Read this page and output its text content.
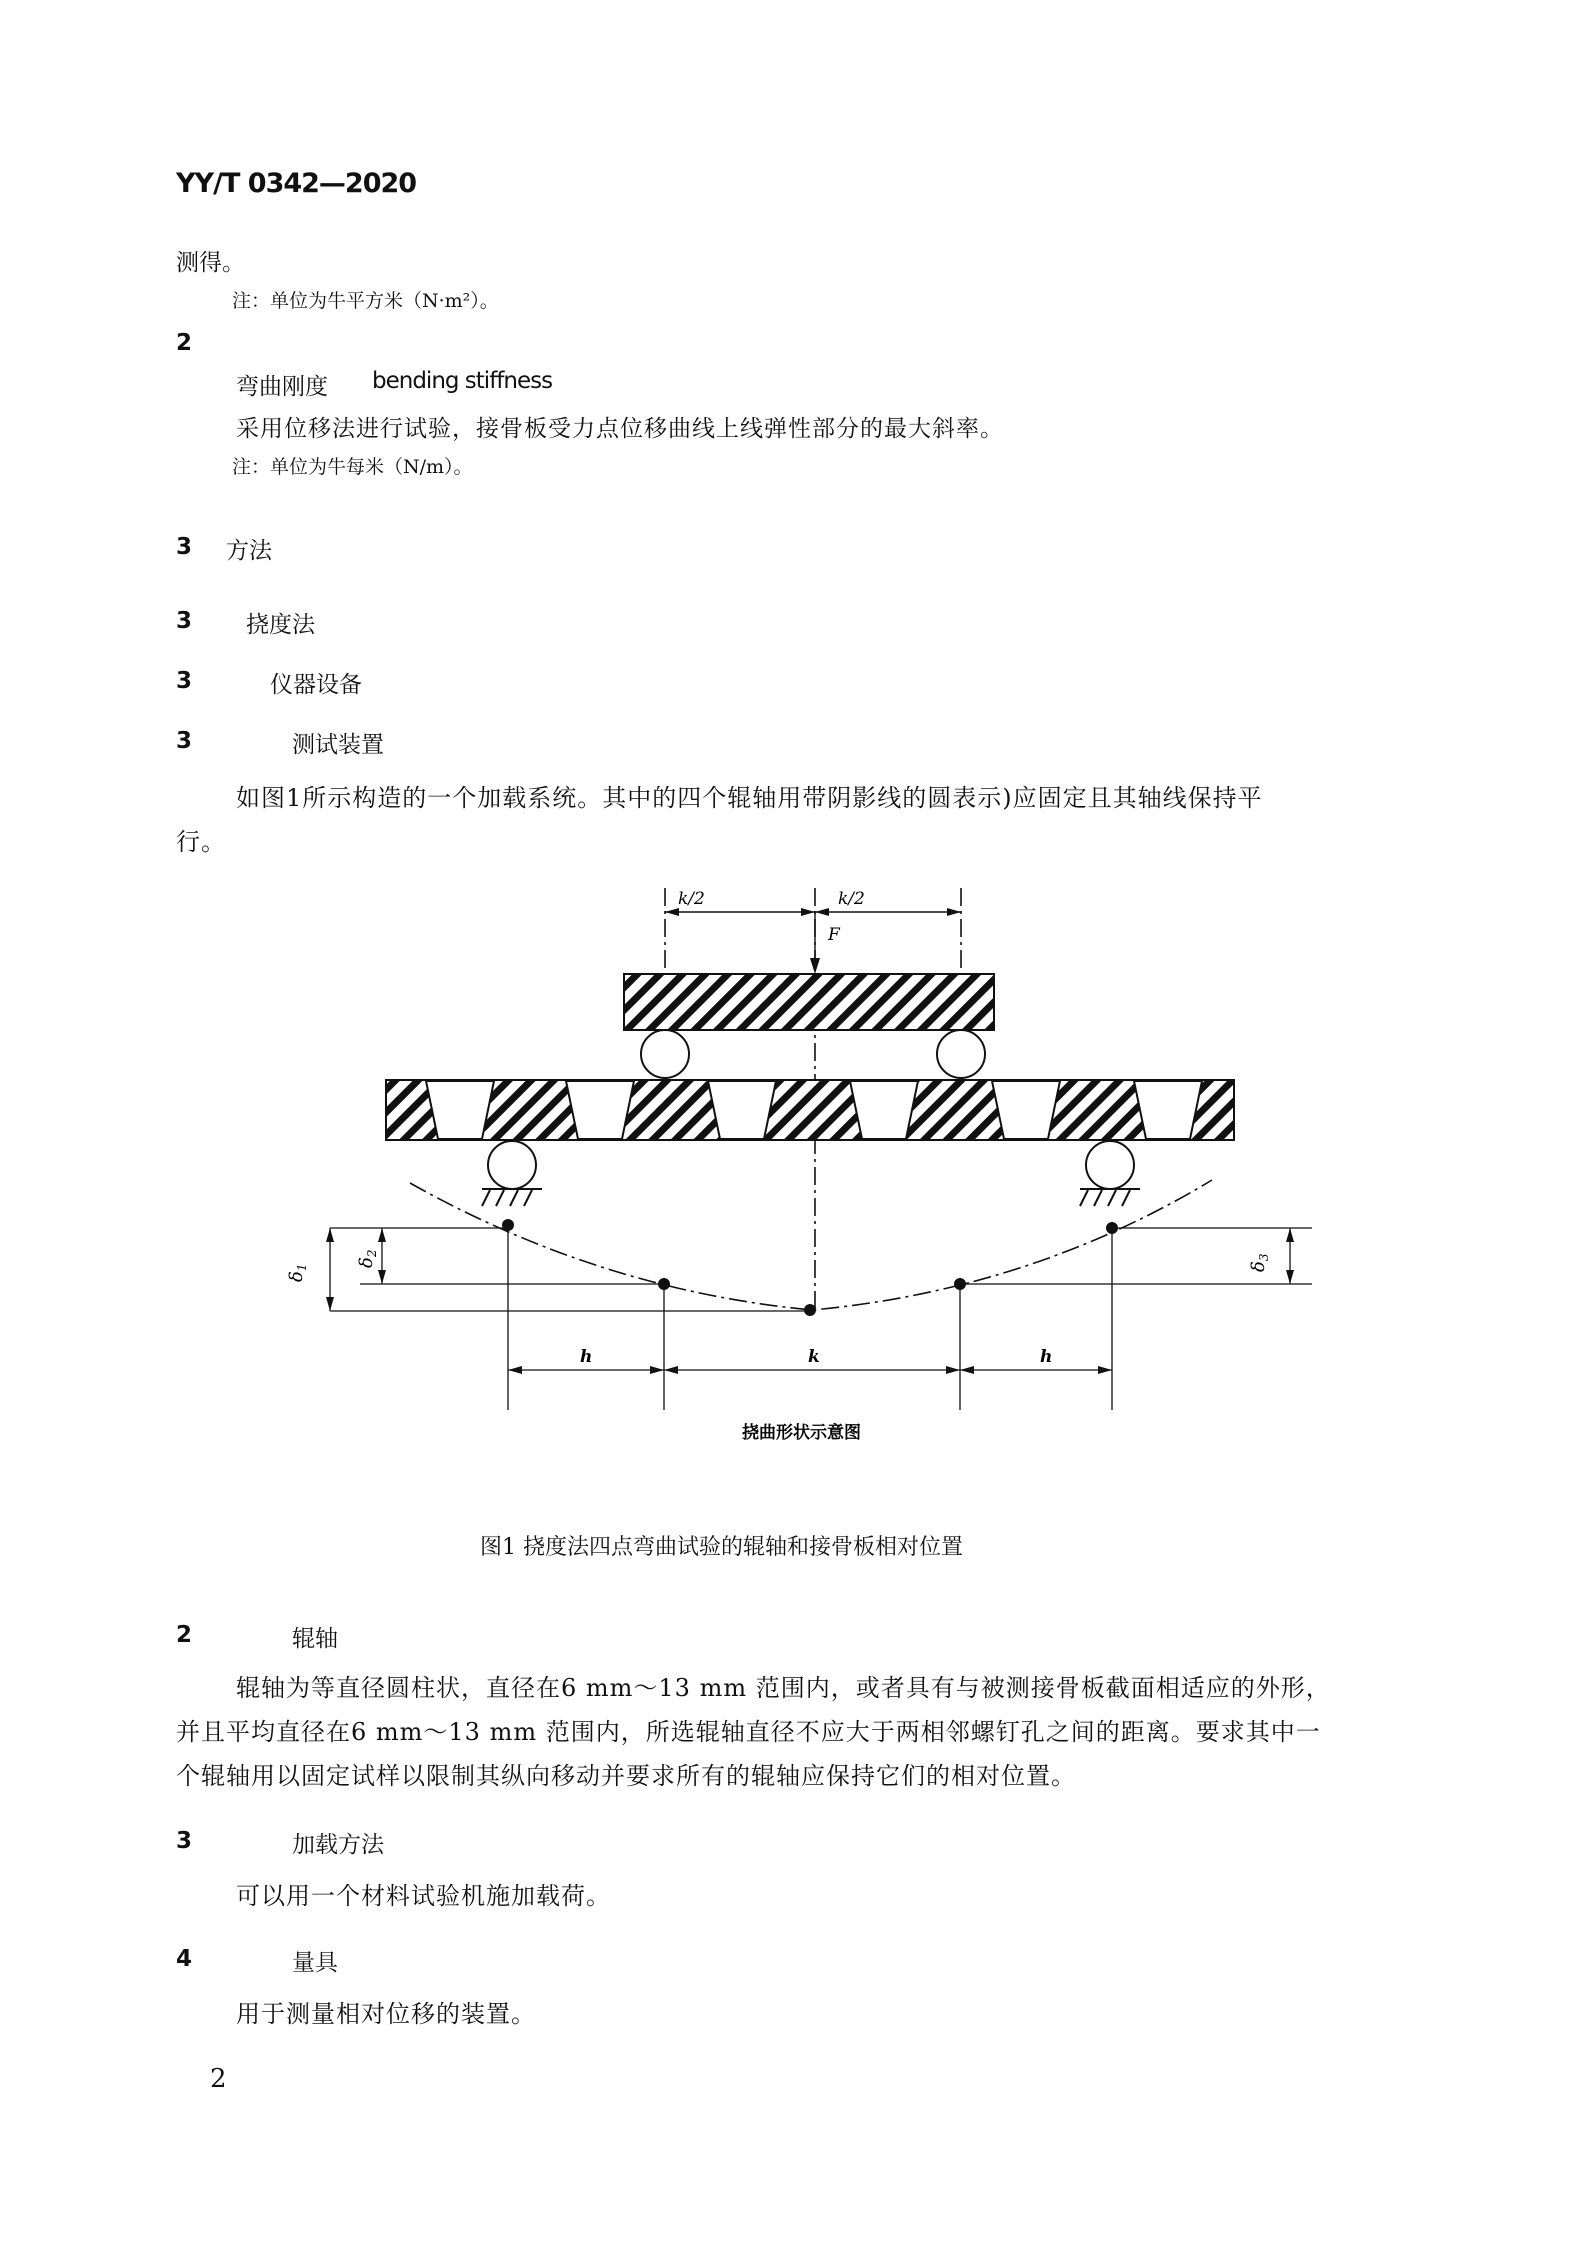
YY/T 0342—2020
测得。
注：单位为牛平方米（N·m²）。
2
弯曲刚度 bending stiffness
采用位移法进行试验，接骨板受力点位移曲线上线弹性部分的最大斜率。
注：单位为牛每米（N/m）。
3 方法
3 挠度法
3	仪器设备
3	测试装置
如图1所示构造的一个加载系统。其中的四个辊轴用带阴影线的圆表示)应固定且其轴线保持平
行。
k/2	k/2
F
$\delta_1$	$\delta_2$
$\delta_3$
h	k	h
挠曲形状示意图
图1 挠度法四点弯曲试验的辊轴和接骨板相对位置
2	辊轴
辊轴为等直径圆柱状，直径在6 mm～13 mm 范围内，或者具有与被测接骨板截面相适应的外形，
并且平均直径在6 mm～13 mm 范围内，所选辊轴直径不应大于两相邻螺钉孔之间的距离。要求其中一
个辊轴用以固定试样以限制其纵向移动并要求所有的辊轴应保持它们的相对位置。
3	加载方法
可以用一个材料试验机施加载荷。
4	量具
用于测量相对位移的装置。
2
